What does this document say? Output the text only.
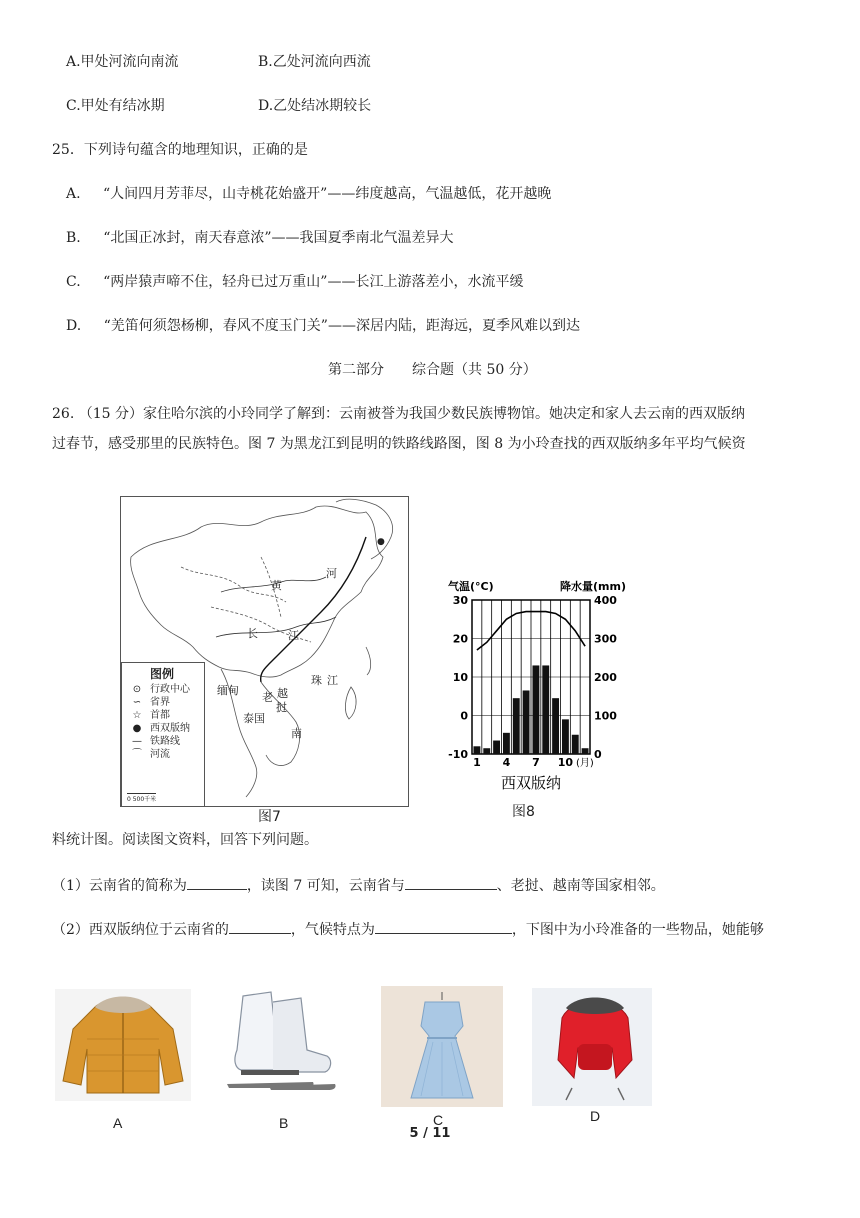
A.甲处河流向南流	B.乙处河流向西流
C.甲处有结冰期	D.乙处结冰期较长
25．下列诗句蕴含的地理知识，正确的是
A. “人间四月芳菲尽，山寺桃花始盛开”——纬度越高，气温越低，花开越晚
B. “北国正冰封，南天春意浓”——我国夏季南北气温差异大
C. “两岸猿声啼不住，轻舟已过万重山”——长江上游落差小，水流平缓
D. “羌笛何须怨杨柳，春风不度玉门关”——深居内陆，距海远，夏季风难以到达
第二部分　　综合题（共 50 分）
26. （15 分）家住哈尔滨的小玲同学了解到：云南被誉为我国少数民族博物馆。她决定和家人去云南的西双版纳
过春节，感受那里的民族特色。图 7 为黑龙江到昆明的铁路线路图，图 8 为小玲查找的西双版纳多年平均气候资
黄
河
长	江
珠 江
缅甸
老
挝
越
南
泰国
●
图例
⊙ 行政中心
∽ 省界
☆ 首都
● 西双版纳
— 铁路线
⌒ 河流
0 500千米
图7
30
20
10
0
-10
400
300
200
100
0
气温(°C)	降水量(mm)
1 4 7 10 (月)
西双版纳
图8
料统计图。阅读图文资料，回答下列问题。
（1）云南省的简称为	，读图 7 可知，云南省与	、老挝、越南等国家相邻。
（2）西双版纳位于云南省的	，气候特点为	，下图中为小玲准备的一些物品，她能够
A	B	C	D
5 / 11
